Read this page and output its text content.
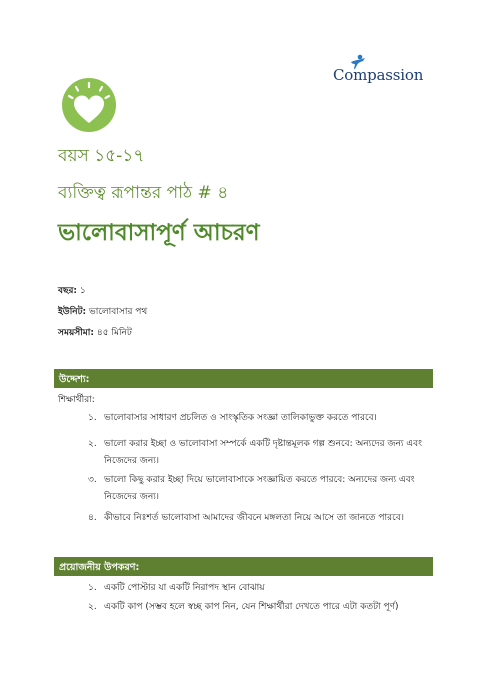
Compassion
বয়স ১৫-১৭
ব্যক্তিত্ব রূপান্তর পাঠ # ৪
ভালোবাসাপূর্ণ আচরণ
বছর: ১
ইউনিট: ভালোবাসার পথ
সময়সীমা: ৪৫ মিনিট
উদ্দেশ্য:
শিক্ষার্থীরা:
১. ভালোবাসার সাধারণ প্রচলিত ও সাংস্কৃতিক সংজ্ঞা তালিকাভুক্ত করতে পারবে।
২. ভালো করার ইচ্ছা ও ভালোবাসা সম্পর্কে একটি দৃষ্টান্তমূলক গল্প শুনবে: অন্যদের জন্য এবং নিজেদের জন্য।
৩. ভালো কিছু করার ইচ্ছা দিয়ে ভালোবাসাকে সংজ্ঞায়িত করতে পারবে: অন্যদের জন্য এবং নিজেদের জন্য।
৪. কীভাবে নিঃশর্ত ভালোবাসা আমাদের জীবনে মঙ্গলতা নিয়ে আসে তা জানতে পারবে।
প্রয়োজনীয় উপকরণ:
১. একটি পোস্টার যা একটি নিরাপদ স্থান বোঝায়
২. একটি কাপ (সম্ভব হলে স্বচ্ছ কাপ নিন, যেন শিক্ষার্থীরা দেখতে পারে এটা কতটা পূর্ণ)
